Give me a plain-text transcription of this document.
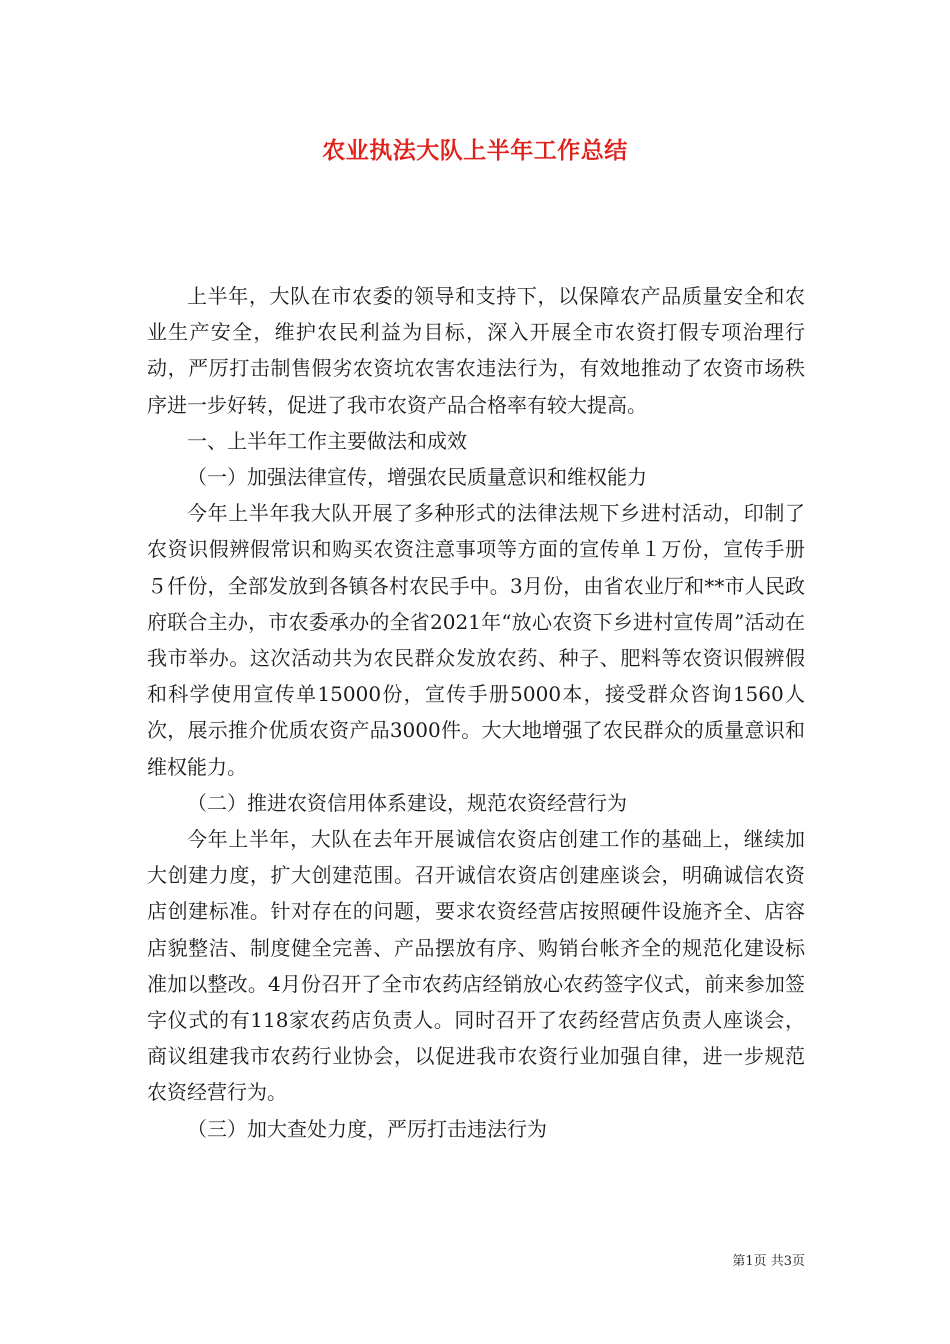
农业执法大队上半年工作总结

上半年，大队在市农委的领导和支持下，以保障农产品质量安全和农业生产安全，维护农民利益为目标，深入开展全市农资打假专项治理行动，严厉打击制售假劣农资坑农害农违法行为，有效地推动了农资市场秩序进一步好转，促进了我市农资产品合格率有较大提高。

一、上半年工作主要做法和成效

（一）加强法律宣传，增强农民质量意识和维权能力

今年上半年我大队开展了多种形式的法律法规下乡进村活动，印制了农资识假辨假常识和购买农资注意事项等方面的宣传单１万份，宣传手册５仟份，全部发放到各镇各村农民手中。3月份，由省农业厅和**市人民政府联合主办，市农委承办的全省2021年“放心农资下乡进村宣传周”活动在我市举办。这次活动共为农民群众发放农药、种子、肥料等农资识假辨假和科学使用宣传单15000份，宣传手册5000本，接受群众咨询1560人次，展示推介优质农资产品3000件。大大地增强了农民群众的质量意识和维权能力。

（二）推进农资信用体系建设，规范农资经营行为

今年上半年，大队在去年开展诚信农资店创建工作的基础上，继续加大创建力度，扩大创建范围。召开诚信农资店创建座谈会，明确诚信农资店创建标准。针对存在的问题，要求农资经营店按照硬件设施齐全、店容店貌整洁、制度健全完善、产品摆放有序、购销台帐齐全的规范化建设标准加以整改。4月份召开了全市农药店经销放心农药签字仪式，前来参加签字仪式的有118家农药店负责人。同时召开了农药经营店负责人座谈会，商议组建我市农药行业协会，以促进我市农资行业加强自律，进一步规范农资经营行为。

（三）加大查处力度，严厉打击违法行为

第1页 共3页
